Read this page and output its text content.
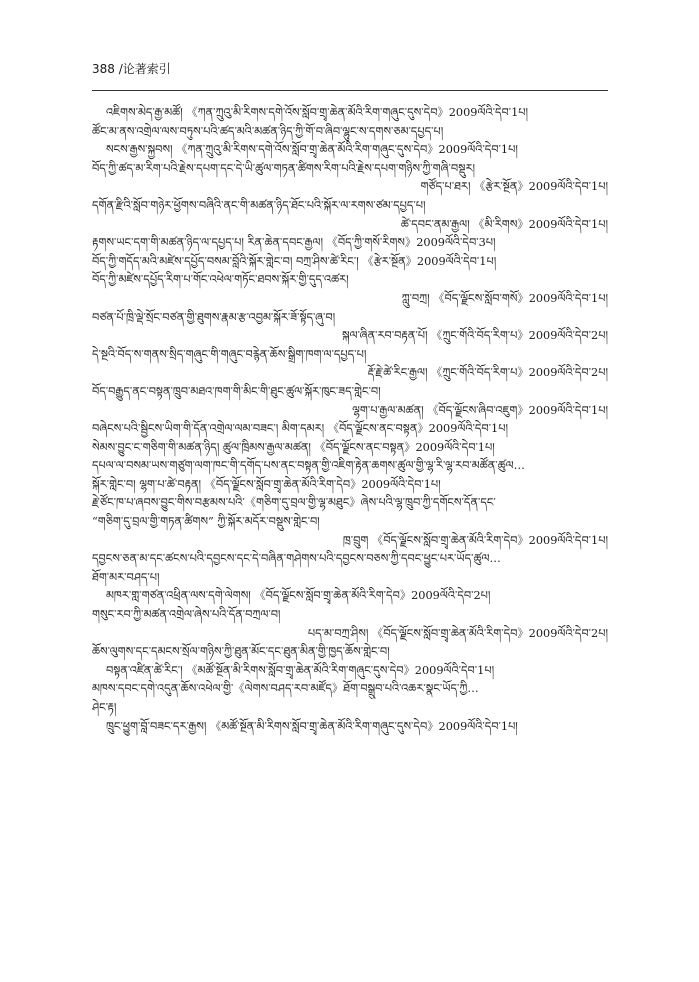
388 /论著索引
འཇིགས་མེད་རྒྱ་མཚོ། 《ཀན་ཀྲུའུ་མི་རིགས་དགེ་འོས་སློབ་གྲྭ་ཆེན་མོའི་རིག་གཞུང་དུས་དེབ》2009ལོའི་དེབ་1པ།
ཚོང་མ་ནས་འགྲེལ་ལས་བཏུས་པའི་ཚད་མའི་མཚན་ཉིད་ཀྱི་གོ་བ་ཞིབ་ལྷུང་ས་དགས་ཅམ་དཔྱད་པ།
སངས་རྒྱས་སྐྱབས། 《ཀན་ཀྲུའུ་མི་རིགས་དགེ་འོས་སློབ་གྲྭ་ཆེན་མོའི་རིག་གཞུང་དུས་དེབ》2009ལོའི་དེབ་1པ།
བོད་ཀྱི་ཚད་མ་རིག་པའི་རྗེས་དཔག་དང་དེ་ཡི་ཚུལ་གཏན་ཚིགས་རིག་པའི་རྗེས་དཔག་གཉིས་ཀྱི་གཞི་བསྡུར།
གཙོད་པ་ཐར། 《རྩེར་སྔོན》2009ལོའི་དེབ་1པ།
དགོན་རྫིའི་སློབ་གཉེར་ཕྱོགས་བཞིའི་ནང་གི་མཚན་ཉིད་ཐོང་པའི་སྐོར་ལ་རགས་ཙམ་དཔྱད་པ།
ཚེ་དབང་ནམ་རྒྱལ། 《མི་རིགས》2009ལོའི་དེབ་1པ།
རྟགས་ཡང་དག་གི་མཚན་ཉིད་ལ་དཔྱད་པ། རིན་ཆེན་དབང་རྒྱལ། 《བོད་ཀྱི་གསོ་རིགས》2009ལོའི་དེབ་3པ།
བོད་ཀྱི་གདོད་མའི་མཛེས་དཔྱོད་བསམ་བློའི་སྐོར་གླེང་བ། བཀྲ་ཤིས་ཚེ་རིང་། 《རྩེར་སྔོན》2009ལོའི་དེབ་1པ།
བོད་ཀྱི་མཛེས་དཔྱོད་རིག་པ་གོང་འཕེལ་གཏོང་ཐབས་སྐོར་གྱི་དུད་འཚར།
ཀླུ་བཀྲ། 《བོད་ལྗོངས་སློབ་གསོ》2009ལོའི་དེབ་1པ།
བཙན་པོ་ཁྲི་ལྡེ་སྲོང་བཙན་གྱི་ཐུགས་རྣམ་རྩ་འབྱམ་སྐོར་ཟོ་སྟོད་ཞུ་བ།
སྐལ་ཞིན་རབ་བརྟན་པོ། 《ཀྲུང་གོའི་བོད་རིག་པ》2009ལོའི་དེབ་2པ།
དེ་སྔའི་བོད་ས་གནས་སྲིད་གཞུང་གི་གཞུང་བརྙེན་ཆོས་སྒྲིག་ཁག་ལ་དཔྱད་པ།
རྡོ་རྗེ་ཚེ་རིང་རྒྱལ། 《ཀྲུང་གོའི་བོད་རིག་པ》2009ལོའི་དེབ་2པ།
བོད་བརྒྱུད་ནང་བསྟན་ཁྲུབ་མཐའ་ཁག་གི་མིང་གི་ཐུང་ཚུལ་སྐོར་ཁུང་ཟད་གླེང་བ།
ལྷག་པ་རྒྱལ་མཚན། 《བོད་ལྗོངས་ཞིབ་འཇུག》2009ལོའི་དེབ་1པ།
བཞེངས་པའི་སྦྱིངས་ཡིག་གི་དོན་འགྲེལ་ལམ་བཟང་། མིག་དམར། 《བོད་ལྗོངས་ནང་བསྟན》2009ལོའི་དེབ་1པ།
སེམས་བྱུང་ང་གཅིག་གི་མཚན་ཉིད། ཚུལ་ཁྲིམས་རྒྱལ་མཚན། 《བོད་ལྗོངས་ནང་བསྟན》2009ལོའི་དེབ་1པ།
དཔལ་ལ་བསམ་ཡས་གཙུག་ལག་ཁང་གི་དགོད་པས་ནང་བསྟན་གྱི་འཇིག་རྟེན་ཆགས་ཚུལ་གྱི་ལྷ་རི་ལྷ་རབ་མཚོན་ཚུལ…
སྐོར་གླེང་བ། ལྷག་པ་ཚེ་བརྟན། 《བོད་ལྗོངས་སློབ་གྲྭ་ཆེན་མོའི་རིག་དེབ》2009ལོའི་དེབ་1པ།
རྗེ་ཙོང་ཁ་པ་ཞབས་བྱུང་གིས་བརྩམས་པའི་《གཅིག་དུ་བྲལ་གྱི་ལྷ་མཐུང》ཞེས་པའི་ལྷ་ཁྲུབ་ཀྱི་དགོངས་དོན་དང་
“གཅིག་དུ་བྲལ་གྱི་གཏན་ཚིགས” ཀྱི་སྐོར་མདོར་བསྡུས་གླེང་བ།
ཁྲ་བྲུག 《བོད་ལྗོངས་སློབ་གྲྭ་ཆེན་མོའི་རིག་དེབ》2009ལོའི་དེབ་1པ།
དབྱངས་ཅན་མ་དང་ཚངས་པའི་དབྱངས་དང་དེ་བཞིན་གཤེགས་པའི་དབྱངས་བཅས་ཀྱི་དབང་ཕྱུང་པར་ཡོད་ཚུལ…
ཐོག་མར་བཤད་པ།
མཁར་གླ་གཙན་འཕྲིན་ལས་དགེ་ལེགས། 《བོད་ལྗོངས་སློབ་གྲྭ་ཆེན་མོའི་རིག་དེབ》2009ལོའི་དེབ་2པ།
གསུང་རབ་ཀྱི་མཚན་འགྲེལ་ཞེས་པའི་དོན་བཀྲལ་བ།
པད་མ་བཀྲ་ཤིས། 《བོད་ལྗོངས་སློབ་གྲྭ་ཆེན་མོའི་རིག་དེབ》2009ལོའི་དེབ་2པ།
ཆོས་ལུགས་དང་དམངས་སྲོལ་གཉིས་ཀྱི་ཐུན་མོང་དང་ཐུན་མིན་གྱི་ཁྱད་ཆོས་གླེང་བ།
བསྟན་འཛིན་ཚེ་རིང་། 《མཚོ་སྔོན་མི་རིགས་སློབ་གྲྭ་ཆེན་མོའི་རིག་གཞུང་དུས་དེབ》2009ལོའི་དེབ་1པ།
མཁས་དབང་དགེ་འདུན་ཆོས་འཕེལ་གྱི་《ལེགས་བཤད་རབ་མཛོད》ཐོག་བསྒྲུབ་པའི་འཆར་སྣང་ཡོད་ཀྱི…
ཤེང་རྟ།
ཁྲུང་ཕྱུག་བློ་བཟང་དར་རྒྱས། 《མཚོ་སྔོན་མི་རིགས་སློབ་གྲྭ་ཆེན་མོའི་རིག་གཞུང་དུས་དེབ》2009ལོའི་དེབ་1པ།
